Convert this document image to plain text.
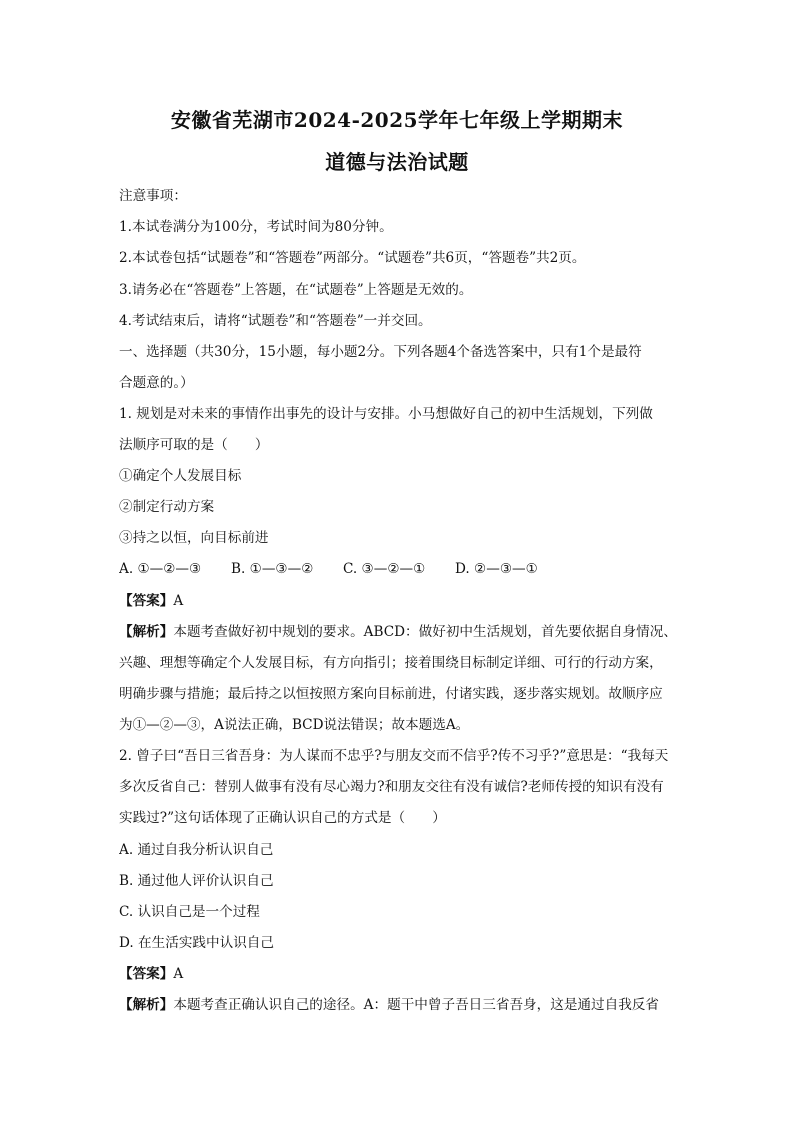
安徽省芜湖市2024-2025学年七年级上学期期末
道德与法治试题
注意事项：
1.本试卷满分为100分，考试时间为80分钟。
2.本试卷包括“试题卷”和“答题卷”两部分。“试题卷”共6页，“答题卷”共2页。
3.请务必在“答题卷”上答题，在“试题卷”上答题是无效的。
4.考试结束后，请将“试题卷”和“答题卷”一并交回。
一、选择题（共30分，15小题，每小题2分。下列各题4个备选答案中，只有1个是最符
合题意的。）
1. 规划是对未来的事情作出事先的设计与安排。小马想做好自己的初中生活规划，下列做
法顺序可取的是（　　）
①确定个人发展目标
②制定行动方案
③持之以恒，向目标前进
A. ①—②—③ B. ①—③—② C. ③—②—① D. ②—③—①
【答案】A
【解析】本题考查做好初中规划的要求。ABCD：做好初中生活规划，首先要依据自身情况、
兴趣、理想等确定个人发展目标，有方向指引；接着围绕目标制定详细、可行的行动方案，
明确步骤与措施；最后持之以恒按照方案向目标前进，付诸实践，逐步落实规划。故顺序应
为①—②—③，A说法正确，BCD说法错误；故本题选A。
2. 曾子曰“吾日三省吾身：为人谋而不忠乎?与朋友交而不信乎?传不习乎?”意思是：“我每天
多次反省自己：替别人做事有没有尽心竭力?和朋友交往有没有诚信?老师传授的知识有没有
实践过?”这句话体现了正确认识自己的方式是（　　）
A. 通过自我分析认识自己
B. 通过他人评价认识自己
C. 认识自己是一个过程
D. 在生活实践中认识自己
【答案】A
【解析】本题考查正确认识自己的途径。A：题干中曾子吾日三省吾身，这是通过自我反省
